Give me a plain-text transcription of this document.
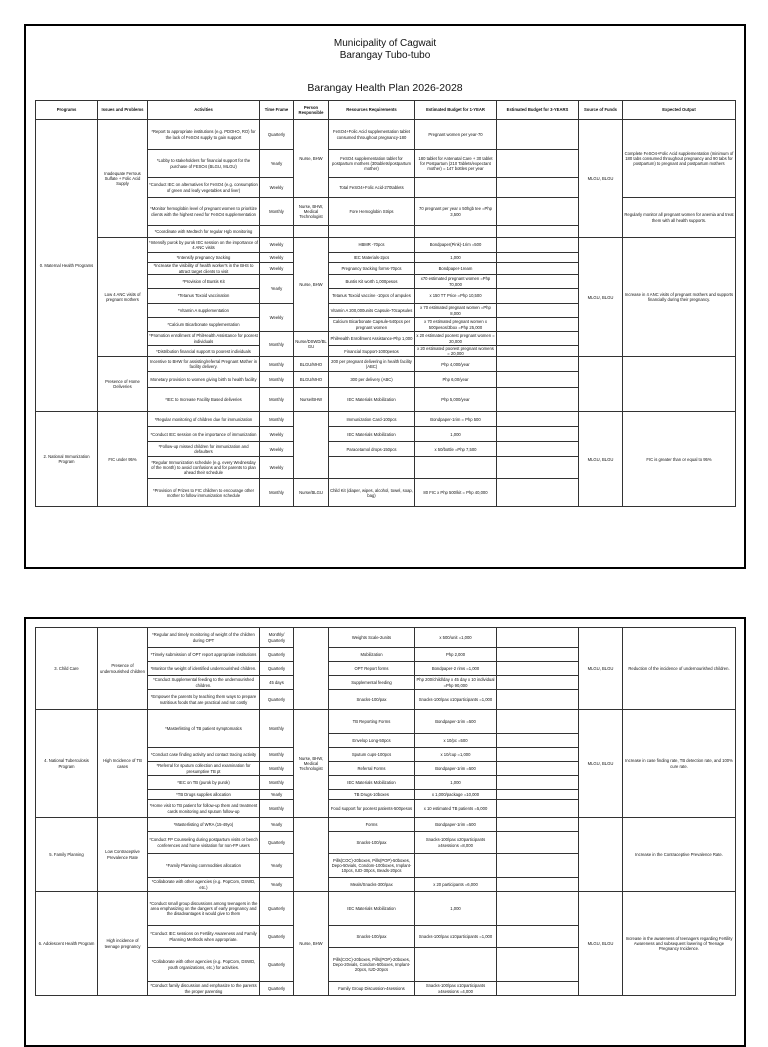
Municipality of Cagwait
Barangay Tubo-tubo
Barangay Health Plan 2026-2028
Programs	Issues and Problems	Activities	Time Frame	Person Responsible	Resources Requirements	Estimated Budget for 1-YEAR	Estimated Budget for 3-YEARS	Source of Funds	Expected Output
0. Maternal Health Programs	Inadequate Ferrous Sulfate + Folic Acid Supply	*Report to appropriate institutions (e.g. PDOHO, RO) for the lack of FeSO4 supply to gain support	Quarterly	Nurse, BHW	FeSO4+Folic Acid supplementation tablet consumed throughout pregnancy-180	Pregnant women per year-70		MLGU, BLGU	Complete FeSO4+Folic Acid supplementation (minimum of 180 tabs consumed throughout pregnancy and 90 tabs for postpartum) to pregnant and postpartum mothers
		*Lobby to stakeholders for financial support for the purchase of FESO4 (BLGU, MLGU)	Yearly		FeSO4 supplementation tablet for postpartum mothers (30tablets/postpartum mother)	180 tablet for Antenatal Care + 30 tablet for Postpartum (210 Tablets/expectant mother) = 147 bottles per year			
		*Conduct IEC on alternatives for FeSO4 (e.g. consumption of green and leafy vegetables and liver)	Weekly		Total FeSO4+Folic Acid-270tablets				
		*Monitor hemoglobin level of pregnant women to prioritize clients with the highest need for FeSO4 supplementation	Monthly	Nurse, BHW, Medical Technologist	Fore Hemoglobin Strips	70 pregnant per year x 50hgb tee =Php 3,500			Regularly monitor all pregnant women for anemia and treat them with all health supports.
		*Coordinate with Medtech for regular Hgb monitoring							
	Low 4 ANC visits of pregnant mothers	*Intensify purok by purok IEC session on the importance of 4 ANC visits	Weekly	Nurse, BHW	HBMR -70pcs	Bondpaper(Pink)-1rim =500		MLGU, BLGU	Increase in 4 ANC visits of pregnant mothers and supports financially during their pregnancy.
		*Intensify pregnancy tracking	Weekly		IEC Materials-2pcs	1,000			
		*Increase the visibility of health worker's in the BHS to attract target clients to visit	Weekly		Pregnancy tracking forms-70pcs	Bondpaper-1ream			
		*Provision of Buntis Kit	Yearly		Buntis Kit worth 1,000pesos	x70 estimated pregnant women =Php 70,000			
		*Tetanus Toxoid vaccination			Tetanus Toxoid vaccine -10pcs of ampules	x 150 TT Price =Php 10,500			
		*Vitamin A supplementation	Weekly		Vitamin A 200,000units Capsule-70capsules	x 70 estimated pregnant women =Php 8,000			
		*Calcium Bicarbonate supplementation			Calcium Bicarbonate Capsule-540pcs per pregnant women	x 70 estimated pregnant women x 500pesos/3box =Php 25,000			
		*Promotion enrollment of PhilHealth Assistance for poorest individuals	Monthly	Nurse/DSWD/BLGU	PhilHealth Enrollment Assistance-Php 1,000	x 20 estimated poorest pregnant women = 20,000			
		*Distribution financial support to poorest individuals			Financial Support-1000pesos	x 20 estimated poorest pregnant womens = 20,000			
	Presence of Home Deliveries	Incentive to BHW for assisting/referral Pregnant Mother in facility delivery.	Monthly	BLGU/MHO	200 per pregnant delivering in health facility (ABC)	Php 4,000/year			
		Monetary provision to women giving birth to health facility	Monthly	BLGU/MHO	300 per delivery (ABC)	Php 6,00/year			
		*IEC to Increase Facility Based deliveries	Monthly	Nurse/BHW	IEC Materials Mobilization	Php 5,000/year			
2. National Immunization Program	FIC under 95%	*Regular monitoring of children due for immunization	Monthly		Immunization Card-100pcs	Bondpaper-1rim = Php 500		MLGU, BLGU	FIC is greater than or equal to 95%
		*Conduct IEC session on the importance of immunization	Weekly		IEC Materials Mobilization	1,000			
		*Follow-up missed children for immunization and defaulters	Weekly		Paracetamol drops-150pcs	x 50/bottle =Php 7,500			
		*Regular Immunization schedule (e.g. every Wednesday of the month) to avoid confusions and for parents to plan ahead their schedule	Weekly						
		*Provision of Prizes to FIC children to encourage other mother to follow immunization schedule	Monthly	Nurse/BLGU	Child Kit (diaper, wipes, alcohol, towel, soap, bag)	80 FIC x Php 500/kit = Php 40,000			
3. Child Care	Presence of undernourished children	*Regular and timely monitoring of weight of the children during OPT	Monthly/ Quarterly		Weights Scale-2units	x 500/unit =1,000		MLGU, BLGU	Reduction of the incidence of undernourished children.
		*Timely submission of OPT report appropriate institutions	Quarterly		Mobilization	Php 2,000			
		*Monitor the weight of identified undernourished children.	Quarterly		OPT Report forms	Bondpaper-2 rims =1,000			
		*Conduct Supplemental feeding to the undernourished children.	45 days		Supplemental feeding	Php 200/child/day x 45 day x 10 individual =Php 90,000			
		*Empower the parents by teaching them ways to prepare nutritious foods that are practical and not costly	Quarterly		Snacks-100/pax	Snacks-100/pax x10participants =1,000			
4. National Tuberculosis Program	High Incidence of TB cases	*Masterlisting of TB patient symptomatics	Monthly	Nurse, BHW, Medical Technologist	TB Reporting Forms	Bondpaper-1rim =500		MLGU, BLGU	Increase in case finding rate, TB detection rate, and 100% cure rate.
					Envelop Long-50pcs	x 10/pc =500			
		*Conduct case finding activity and contact tracing activity	Monthly		Sputum cups-100pcs	x 10/cup =1,000			
		*Referral for sputum collection and examination for presumptive TB pt	Monthly		Referral Forms	Bondpaper-1rim =500			
		*IEC on TB (purok by purok)	Monthly		IEC Materials Mobilization	1,000			
		*TB Drugs supplies allocation	Yearly		TB Drugs-10boxes	x 1,000/package =10,000			
		*Home visit to TB patient for follow-up them and treatment cards monitoring and sputum follow-up	Monthly		Food support for poorest patients-500pesos	x 10 estimated TB patients =5,000			
5. Family Planning	Low Contraceptive Prevalence Rate	*Masterlisting of WRA (15-49yo)	Yearly		Forms	Bondpaper-1rim =500			Increase in the Contraceptive Prevalence Rate.
		*Conduct FP Counseling during postpartum visits or bench conferences and home visitation for non-FP users	Quarterly		Snacks-100/pax	Snacks-100/pax x20participants x4sessions =8,000			
		*Family Planning commodities allocation	Yearly		Pills(COC)-20boxes, Pills(POP)-50boxes, Depo-50vials, Condom-100boxes, Implant-10pcs, IUD-30pcs, Beads-20pcs				
		*Collaborate with other agencies (e.g. PopCom, DSWD, etc.)	Yearly		Meals/Snacks-300/pax	x 20 participants =6,000			
6. Adolescent Health Program	High incidence of teenage pregnancy	*Conduct small group discussions among teenagers in the area emphasizing on the dangers of early pregnancy and the disadvantages it would give to them	Quarterly	Nurse, BHW	IEC Materials Mobilization	1,000		MLGU, BLGU	Increase in the awareness of teenagers regarding Fertility Awareness and subsequent lowering of Teenage Pregnancy Incidence.
		*Conduct IEC sessions on Fertility Awareness and Family Planning Methods when appropriate.	Quarterly		Snacks-100/pax	Snacks-100/pax x10participants =1,000			
		*Collaborate with other agencies (e.g. PopCom, DSWD, youth organizations, etc.) for activities.	Quarterly		Pills(COC)-20boxes, Pills(POP)-20boxes, Depo-20vials, Condom-50boxes, Implant-20pcs, IUD-20pcs				
		*Conduct family discussion and emphasize to the parents the proper parenting	Quarterly		Family Group Discussion-4sessions	Snacks-100/pax x10participants x4sessions =4,000			
